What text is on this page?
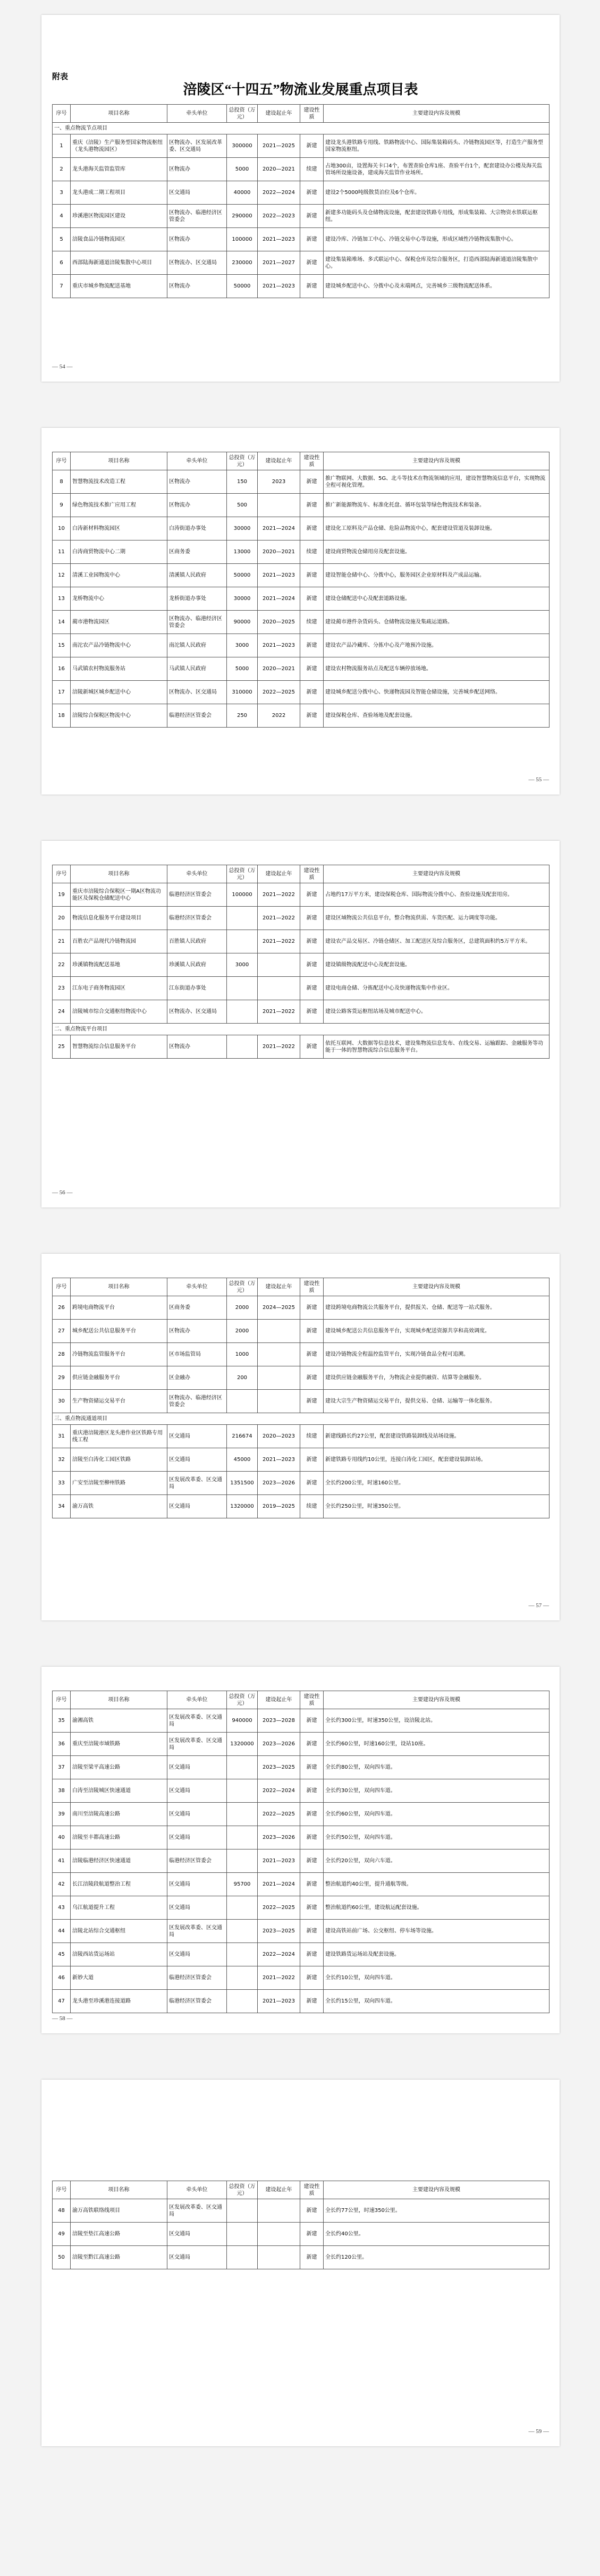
附表
涪陵区“十四五”物流业发展重点项目表
序号	项目名称	牵头单位	总投资（万元）	建设起止年	建设性质	主要建设内容及规模
一、重点物流节点项目						
1	重庆（涪陵）生产服务型国家物流枢纽（龙头港物流园区）	区物流办、区发展改革委、区交通局	300000	2021—2025	新建	建设龙头港铁路专用线、铁路物流中心、国际集装箱码头、冷链物流园区等，打造生产服务型国家物流枢纽。
2	龙头港海关监管监管库	区物流办	5000	2020—2021	续建	占地300亩，设置海关卡口4个，布置查验仓库1座、查验平台1个，配套建设办公楼及海关监管场所设施设备，建成海关监管作业场所。
3	龙头港成二期工程项目	区交通局	40000	2022—2024	新建	建设2个5000吨级散货泊位及6个仓库。
4	珍溪港区物流园区建设	区物流办、临港经济区管委会	290000	2022—2023	新建	新建多功能码头及仓储物流设施，配套建设铁路专用线，形成集装箱、大宗物资水铁联运枢纽。
5	涪陵食品冷链物流园区	区物流办	100000	2021—2023	新建	建设冷库、冷链加工中心、冷链交易中心等设施，形成区域性冷链物流集散中心。
6	西部陆海新通道涪陵集散中心项目	区物流办、区交通局	230000	2021—2027	新建	建设集装箱堆场、多式联运中心、保税仓库及综合服务区，打造西部陆海新通道涪陵集散中心。
7	重庆市城乡物流配送基地	区物流办	50000	2021—2023	新建	建设城乡配送中心、分拨中心及末端网点，完善城乡三级物流配送体系。
— 54 —
序号	项目名称	牵头单位	总投资（万元）	建设起止年	建设性质	主要建设内容及规模
8	智慧物流技术改造工程	区物流办	150	2023	新建	推广物联网、大数据、5G、北斗等技术在物流领域的应用，建设智慧物流信息平台，实现物流全程可视化管理。
9	绿色物流技术推广应用工程	区物流办	500		新建	推广新能源物流车、标准化托盘、循环包装等绿色物流技术和装备。
10	白涛新材料物流园区	白涛街道办事处	30000	2021—2024	新建	建设化工原料及产品仓储、危险品物流中心，配套建设管道及装卸设施。
11	白涛商贸物流中心二期	区商务委	13000	2020—2021	续建	建设商贸物流仓储用房及配套设施。
12	清溪工业园物流中心	清溪镇人民政府	50000	2021—2023	新建	建设智能仓储中心、分拨中心，服务园区企业原材料及产成品运输。
13	龙桥物流中心	龙桥街道办事处	30000	2021—2024	新建	建设仓储配送中心及配套道路设施。
14	蔺市港物流园区	区物流办、临港经济区管委会	90000	2020—2025	续建	建设蔺市港件杂货码头、仓储物流设施及集疏运道路。
15	南沱农产品冷链物流中心	南沱镇人民政府	3000	2021—2023	新建	建设农产品冷藏库、分拣中心及产地预冷设施。
16	马武镇农村物流服务站	马武镇人民政府	5000	2020—2021	新建	建设农村物流服务站点及配送车辆停放场地。
17	涪陵新城区城乡配送中心	区物流办、区交通局	310000	2022—2025	新建	建设城乡配送分拨中心、快递物流园及智能仓储设施，完善城乡配送网络。
18	涪陵综合保税区物流中心	临港经济区管委会	250	2022	新建	建设保税仓库、查验场地及配套设施。
— 55 —
序号	项目名称	牵头单位	总投资（万元）	建设起止年	建设性质	主要建设内容及规模
19	重庆市涪陵综合保税区一期A区物流功能区及保税仓储配送中心	临港经济区管委会	100000	2021—2022	新建	占地约17万平方米，建设保税仓库、国际物流分拨中心、查验设施及配套用房。
20	物流信息化服务平台建设项目	临港经济区管委会		2021—2022	新建	建设区域物流公共信息平台，整合物流供需、车货匹配、运力调度等功能。
21	百胜农产品现代冷链物流园	百胜镇人民政府		2021—2022	新建	建设农产品交易区、冷链仓储区、加工配送区及综合服务区，总建筑面积约5万平方米。
22	珍溪镇物流配送基地	珍溪镇人民政府	3000		新建	建设镇级物流配送中心及配套设施。
23	江东电子商务物流园区	江东街道办事处			新建	建设电商仓储、分拣配送中心及快递物流集中作业区。
24	涪陵城市综合交通枢纽物流中心	区物流办、区交通局		2021—2022	新建	建设公路客货运枢纽站场及城市配送中心。
二、重点物流平台项目						
25	智慧物流综合信息服务平台	区物流办		2021—2022	新建	依托互联网、大数据等信息技术，建设集物流信息发布、在线交易、运输跟踪、金融服务等功能于一体的智慧物流综合信息服务平台。
— 56 —
序号	项目名称	牵头单位	总投资（万元）	建设起止年	建设性质	主要建设内容及规模
26	跨境电商物流平台	区商务委	2000	2024—2025	新建	建设跨境电商物流公共服务平台，提供报关、仓储、配送等一站式服务。
27	城乡配送公共信息服务平台	区物流办	2000		新建	建设城乡配送公共信息服务平台，实现城乡配送资源共享和高效调度。
28	冷链物流监管服务平台	区市场监管局	1000		新建	建设冷链物流全程温控监管平台，实现冷链食品全程可追溯。
29	供应链金融服务平台	区金融办	200		新建	建设供应链金融服务平台，为物流企业提供融资、结算等金融服务。
30	生产物资储运交易平台	区物流办、临港经济区管委会			新建	建设大宗生产物资储运交易平台，提供交易、仓储、运输等一体化服务。
三、重点物流通道项目						
31	重庆港涪陵港区龙头港作业区铁路专用线工程	区交通局	216674	2020—2023	续建	新建线路长约27公里，配套建设铁路装卸线及站场设施。
32	涪陵至白涛化工园区铁路	区交通局	45000	2021—2023	新建	新建铁路专用线约10公里，连接白涛化工园区，配套建设装卸站场。
33	广安至涪陵至柳州铁路	区发展改革委、区交通局	1351500	2023—2026	新建	全长约200公里，时速160公里。
34	渝万高铁	区交通局	1320000	2019—2025	续建	全长约250公里，时速350公里。
— 57 —
序号	项目名称	牵头单位	总投资（万元）	建设起止年	建设性质	主要建设内容及规模
35	渝湘高铁	区发展改革委、区交通局	940000	2023—2028	新建	全长约300公里，时速350公里，设涪陵北站。
36	重庆至涪陵市域铁路	区发展改革委、区交通局	1320000	2023—2026	新建	全长约60公里，时速160公里，设站10座。
37	涪陵至梁平高速公路	区交通局		2023—2025	新建	全长约80公里，双向四车道。
38	白涛至涪陵城区快速通道	区交通局		2022—2024	新建	全长约30公里，双向四车道。
39	南川至涪陵高速公路	区交通局		2022—2025	新建	全长约60公里，双向四车道。
40	涪陵至丰都高速公路	区交通局		2023—2026	新建	全长约50公里，双向四车道。
41	涪陵临港经济区快速通道	临港经济区管委会		2021—2023	新建	全长约20公里，双向六车道。
42	长江涪陵段航道整治工程	区交通局	95700	2021—2024	新建	整治航道约40公里，提升通航等级。
43	乌江航道提升工程	区交通局		2022—2025	新建	整治航道约60公里，建设航运配套设施。
44	涪陵北站综合交通枢纽	区发展改革委、区交通局		2023—2025	新建	建设高铁站前广场、公交枢纽、停车场等设施。
45	涪陵西站货运场站	区交通局		2022—2024	新建	建设铁路货运场站及配套设施。
46	新妙大道	临港经济区管委会		2021—2022	新建	全长约10公里，双向四车道。
47	龙头港至珍溪港连接道路	临港经济区管委会		2021—2023	新建	全长约15公里，双向四车道。
— 58 —
序号	项目名称	牵头单位	总投资（万元）	建设起止年	建设性质	主要建设内容及规模
48	渝万高铁联络线项目	区发展改革委、区交通局			新建	全长约77公里，时速350公里。
49	涪陵至垫江高速公路	区交通局			新建	全长约40公里。
50	涪陵至黔江高速公路	区交通局			新建	全长约120公里。
— 59 —
